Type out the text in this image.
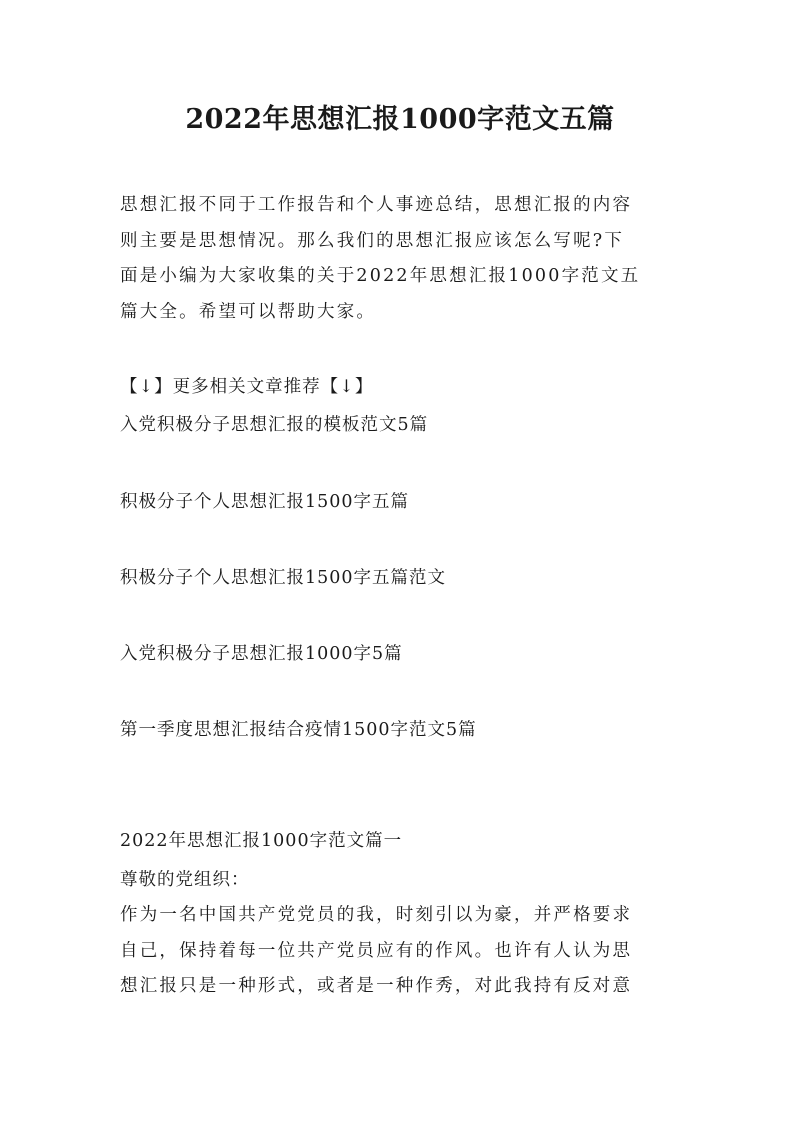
2022年思想汇报1000字范文五篇

思想汇报不同于工作报告和个人事迹总结，思想汇报的内容
则主要是思想情况。那么我们的思想汇报应该怎么写呢?下
面是小编为大家收集的关于2022年思想汇报1000字范文五
篇大全。希望可以帮助大家。

【↓】更多相关文章推荐【↓】

入党积极分子思想汇报的模板范文5篇
积极分子个人思想汇报1500字五篇
积极分子个人思想汇报1500字五篇范文
入党积极分子思想汇报1000字5篇
第一季度思想汇报结合疫情1500字范文5篇

2022年思想汇报1000字范文篇一

尊敬的党组织：

作为一名中国共产党党员的我，时刻引以为豪，并严格要求
自己，保持着每一位共产党员应有的作风。也许有人认为思
想汇报只是一种形式，或者是一种作秀，对此我持有反对意
